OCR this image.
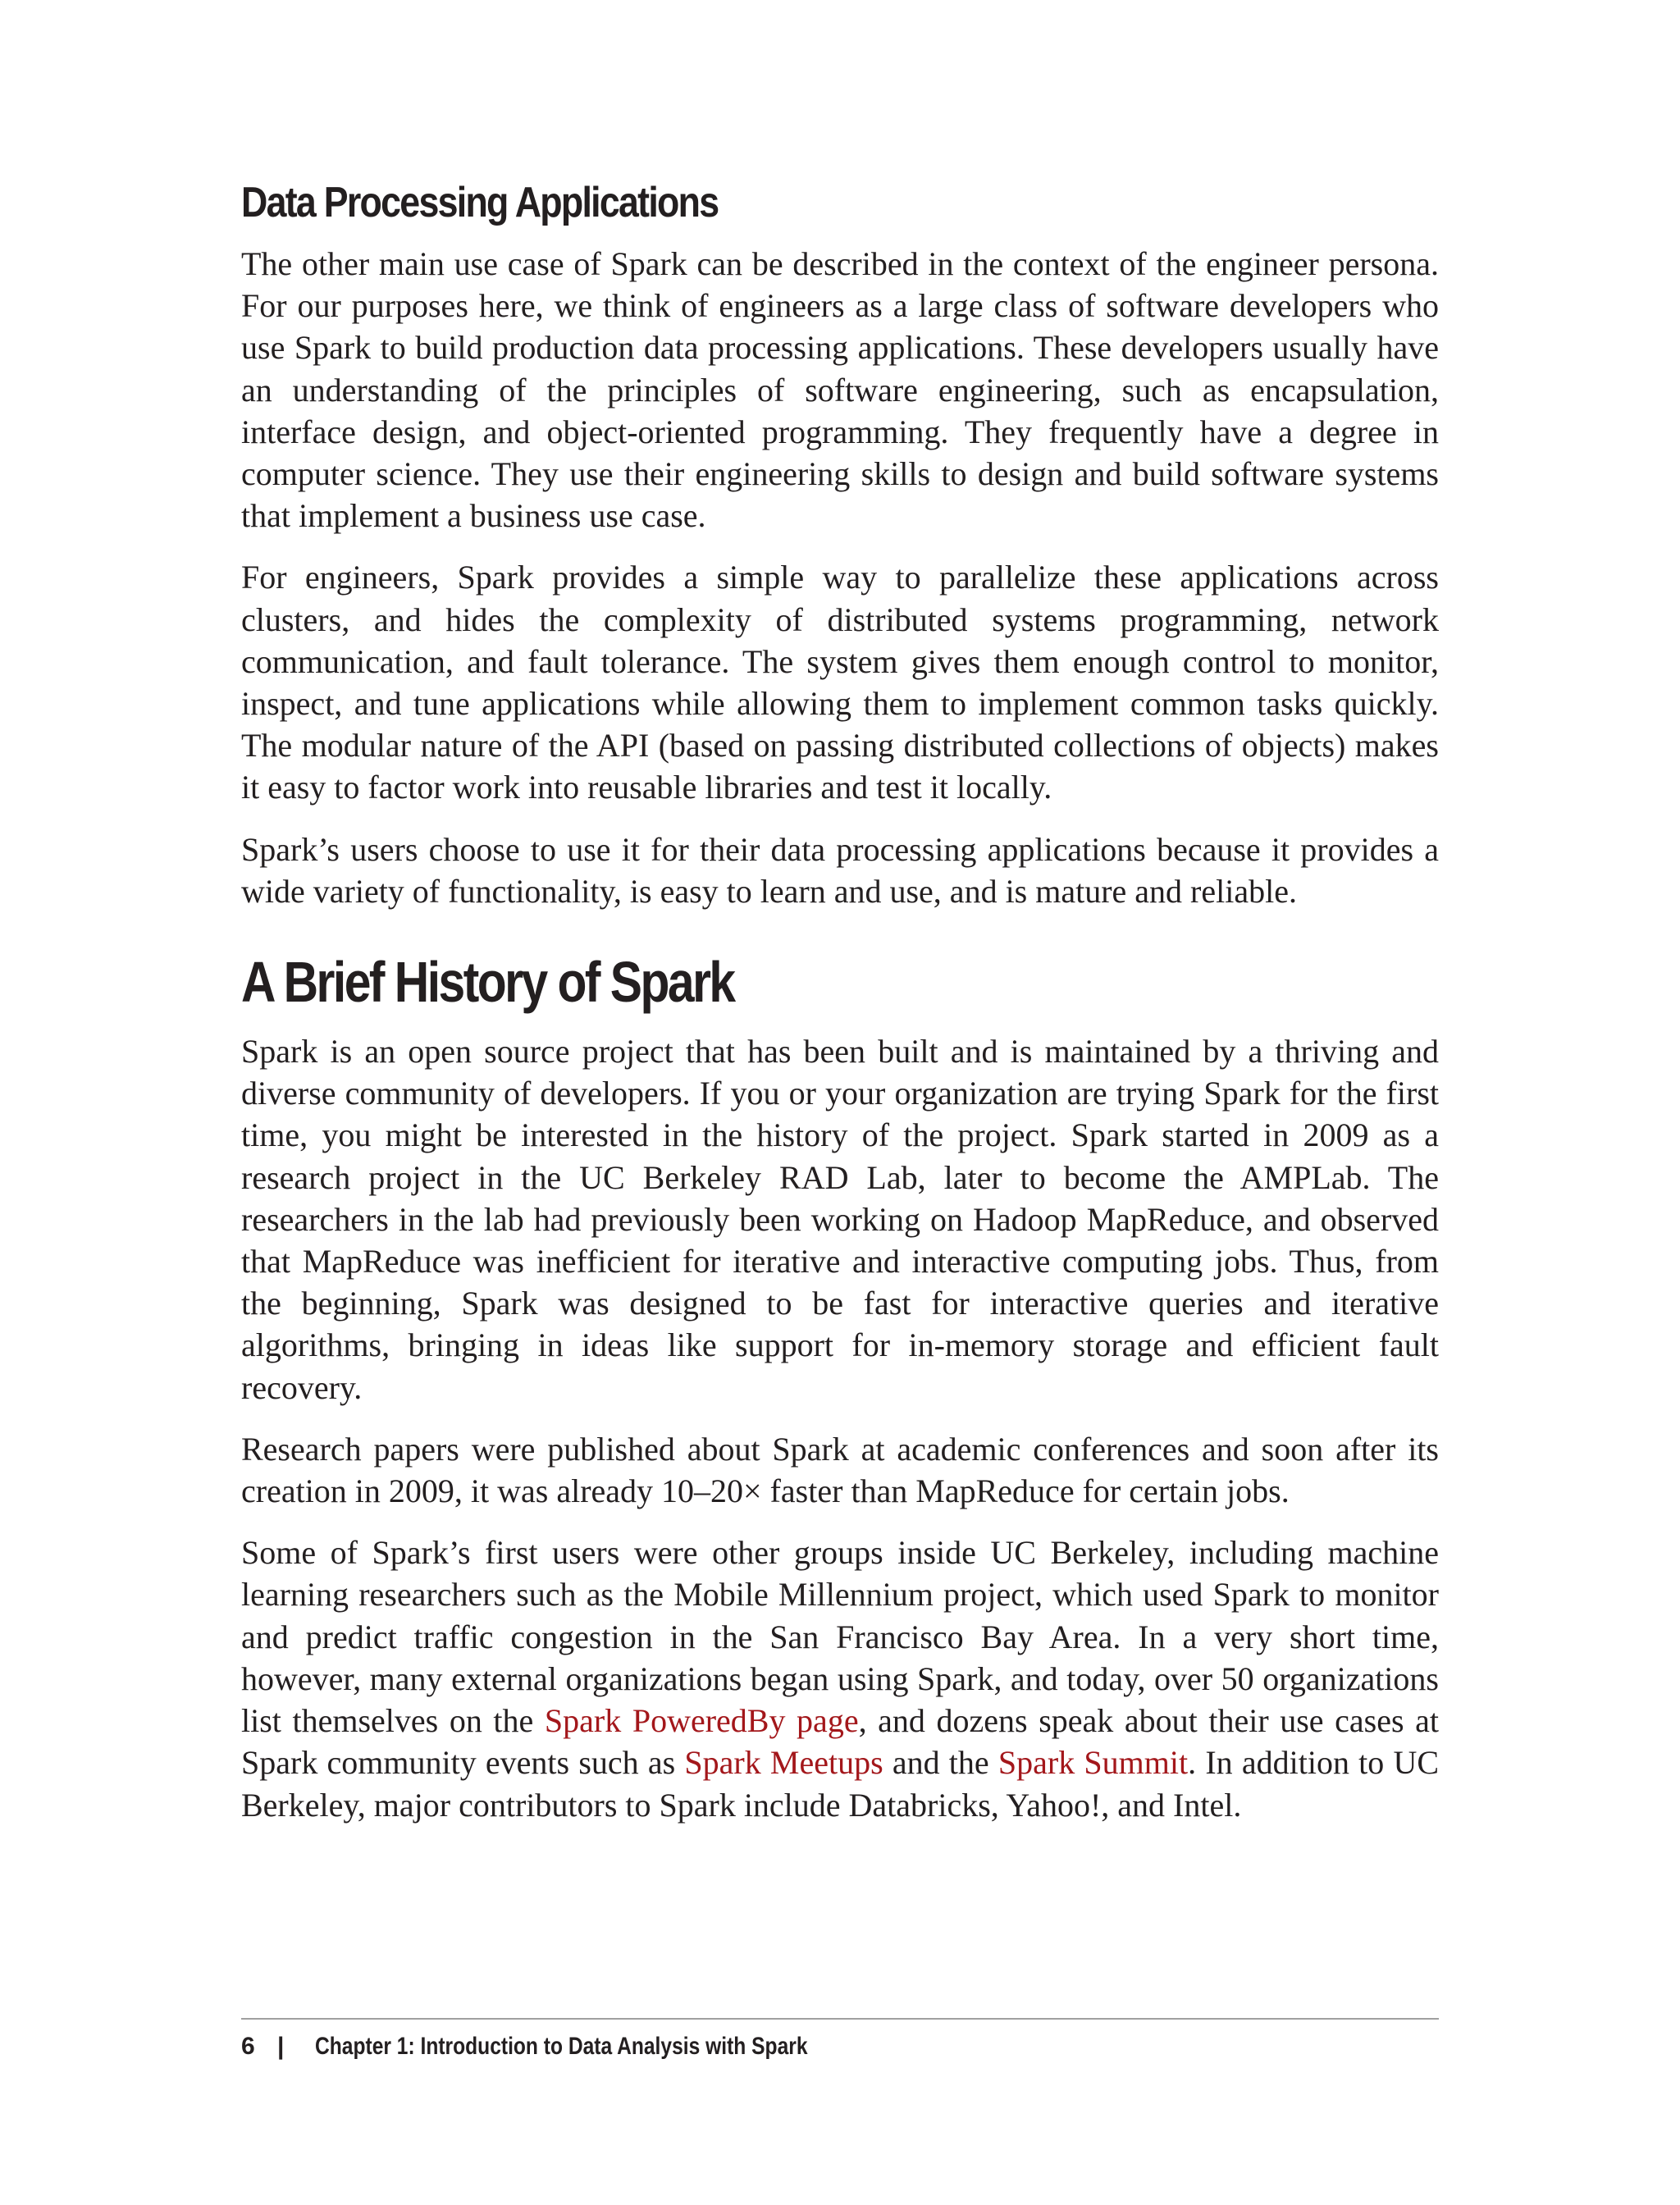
Data Processing Applications

The other main use case of Spark can be described in the context of the engineer persona. For our purposes here, we think of engineers as a large class of software developers who use Spark to build production data processing applications. These developers usually have an understanding of the principles of software engineering, such as encapsulation, interface design, and object-oriented programming. They frequently have a degree in computer science. They use their engineering skills to design and build software systems that implement a business use case.

For engineers, Spark provides a simple way to parallelize these applications across clusters, and hides the complexity of distributed systems programming, network communication, and fault tolerance. The system gives them enough control to monitor, inspect, and tune applications while allowing them to implement common tasks quickly. The modular nature of the API (based on passing distributed collections of objects) makes it easy to factor work into reusable libraries and test it locally.

Spark’s users choose to use it for their data processing applications because it provides a wide variety of functionality, is easy to learn and use, and is mature and reliable.

A Brief History of Spark

Spark is an open source project that has been built and is maintained by a thriving and diverse community of developers. If you or your organization are trying Spark for the first time, you might be interested in the history of the project. Spark started in 2009 as a research project in the UC Berkeley RAD Lab, later to become the AMPLab. The researchers in the lab had previously been working on Hadoop MapReduce, and observed that MapReduce was inefficient for iterative and interactive computing jobs. Thus, from the beginning, Spark was designed to be fast for interactive queries and iterative algorithms, bringing in ideas like support for in-memory storage and efficient fault recovery.

Research papers were published about Spark at academic conferences and soon after its creation in 2009, it was already 10–20× faster than MapReduce for certain jobs.

Some of Spark’s first users were other groups inside UC Berkeley, including machine learning researchers such as the Mobile Millennium project, which used Spark to monitor and predict traffic congestion in the San Francisco Bay Area. In a very short time, however, many external organizations began using Spark, and today, over 50 organizations list themselves on the Spark PoweredBy page, and dozens speak about their use cases at Spark community events such as Spark Meetups and the Spark Summit. In addition to UC Berkeley, major contributors to Spark include Databricks, Yahoo!, and Intel.

6 | Chapter 1: Introduction to Data Analysis with Spark
